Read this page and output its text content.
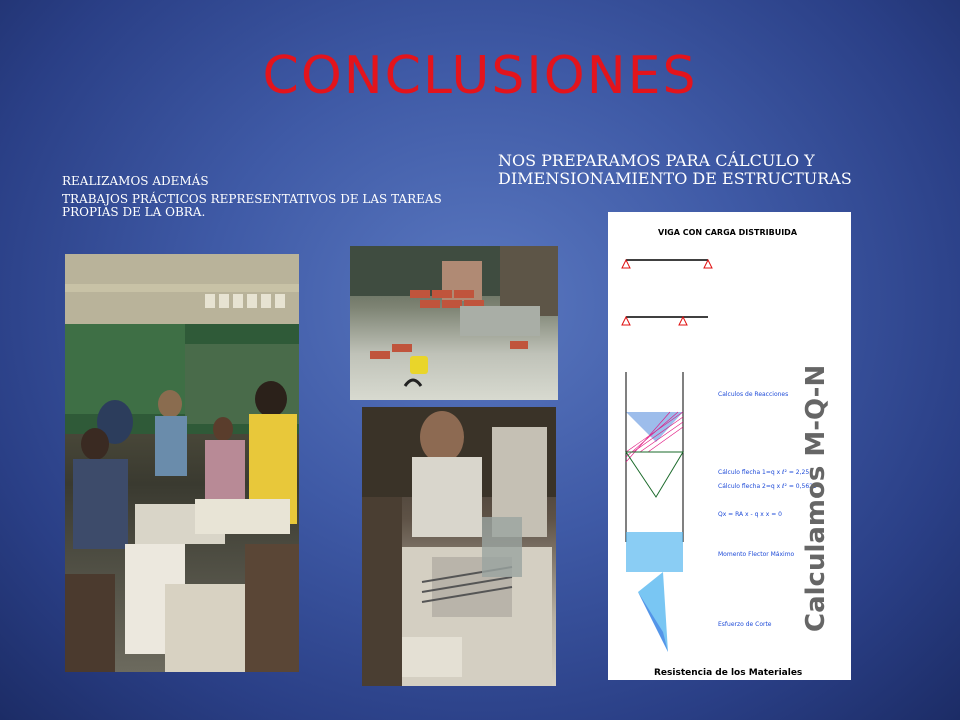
CONCLUSIONES
REALIZAMOS ADEMÁS
TRABAJOS PRÁCTICOS REPRESENTATIVOS DE LAS TAREAS PROPIAS DE LA OBRA.
NOS PREPARAMOS PARA CÁLCULO Y DIMENSIONAMIENTO DE ESTRUCTURAS
VIGA CON CARGA DISTRIBUIDA
Calculos de Reacciones
Cálculo flecha 1=q x ℓ² = 2,25
Cálculo flecha 2=q x ℓ² = 0,5625
Qx = RA x - q x x = 0
Momento Flector Máximo
Esfuerzo de Corte Calculamos M-Q-N
Resistencia de los Materiales
